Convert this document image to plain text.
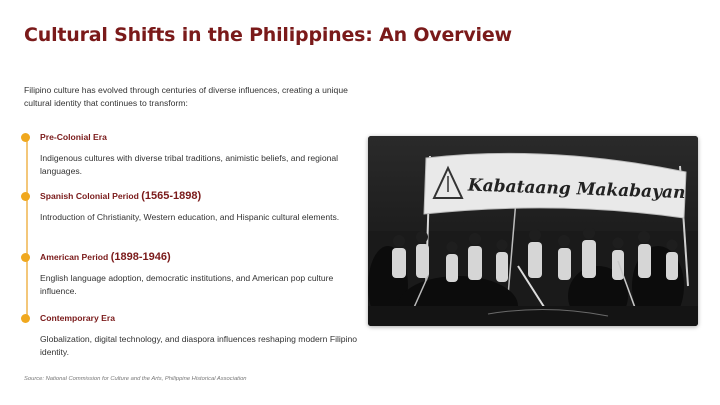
Cultural Shifts in the Philippines: An Overview

Filipino culture has evolved through centuries of diverse influences, creating a unique cultural identity that continues to transform:

Pre-Colonial Era
Indigenous cultures with diverse tribal traditions, animistic beliefs, and regional languages.
Spanish Colonial Period (1565-1898)
Introduction of Christianity, Western education, and Hispanic cultural elements.
American Period (1898-1946)
English language adoption, democratic institutions, and American pop culture influence.
Contemporary Era
Globalization, digital technology, and diaspora influences reshaping modern Filipino identity.
Kabataang Makabayan
Source: National Commission for Culture and the Arts, Philippine Historical Association
